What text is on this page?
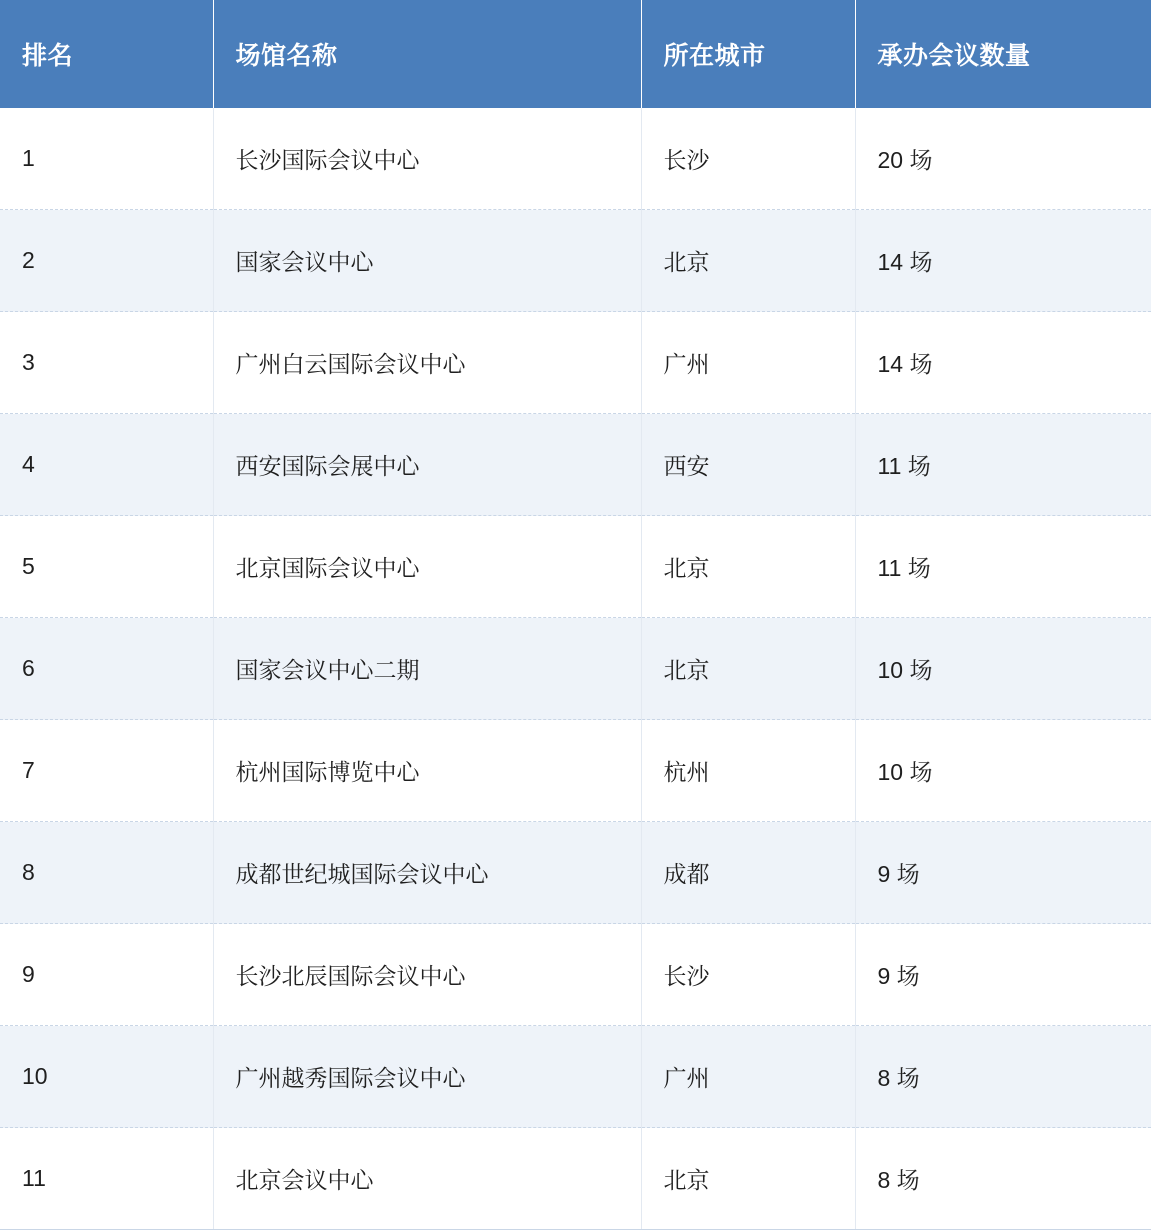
排名	场馆名称	所在城市	承办会议数量
1	长沙国际会议中心	长沙	20 场
2	国家会议中心	北京	14 场
3	广州白云国际会议中心	广州	14 场
4	西安国际会展中心	西安	11 场
5	北京国际会议中心	北京	11 场
6	国家会议中心二期	北京	10 场
7	杭州国际博览中心	杭州	10 场
8	成都世纪城国际会议中心	成都	9 场
9	长沙北辰国际会议中心	长沙	9 场
10	广州越秀国际会议中心	广州	8 场
11	北京会议中心	北京	8 场
